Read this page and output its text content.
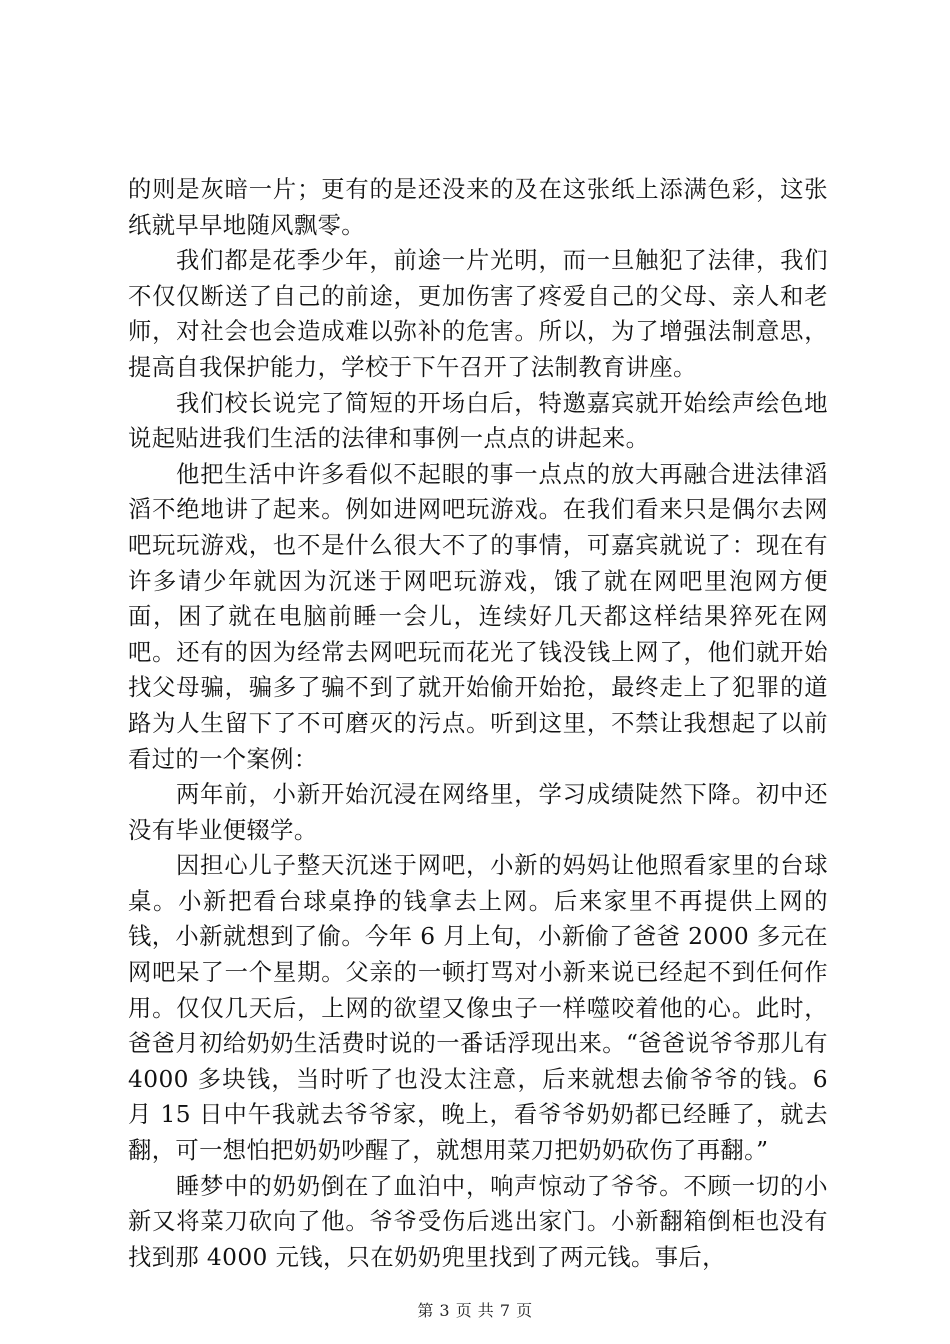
的则是灰暗一片；更有的是还没来的及在这张纸上添满色彩，这张纸就早早地随风飘零。

我们都是花季少年，前途一片光明，而一旦触犯了法律，我们不仅仅断送了自己的前途，更加伤害了疼爱自己的父母、亲人和老师，对社会也会造成难以弥补的危害。所以，为了增强法制意思，提高自我保护能力，学校于下午召开了法制教育讲座。

我们校长说完了简短的开场白后，特邀嘉宾就开始绘声绘色地说起贴进我们生活的法律和事例一点点的讲起来。

他把生活中许多看似不起眼的事一点点的放大再融合进法律滔滔不绝地讲了起来。例如进网吧玩游戏。在我们看来只是偶尔去网吧玩玩游戏，也不是什么很大不了的事情，可嘉宾就说了：现在有许多请少年就因为沉迷于网吧玩游戏，饿了就在网吧里泡网方便面，困了就在电脑前睡一会儿，连续好几天都这样结果猝死在网吧。还有的因为经常去网吧玩而花光了钱没钱上网了，他们就开始找父母骗，骗多了骗不到了就开始偷开始抢，最终走上了犯罪的道路为人生留下了不可磨灭的污点。听到这里，不禁让我想起了以前看过的一个案例：

两年前，小新开始沉浸在网络里，学习成绩陡然下降。初中还没有毕业便辍学。

因担心儿子整天沉迷于网吧，小新的妈妈让他照看家里的台球桌。小新把看台球桌挣的钱拿去上网。后来家里不再提供上网的钱，小新就想到了偷。今年 6 月上旬，小新偷了爸爸 2000 多元在网吧呆了一个星期。父亲的一顿打骂对小新来说已经起不到任何作用。仅仅几天后，上网的欲望又像虫子一样噬咬着他的心。此时，爸爸月初给奶奶生活费时说的一番话浮现出来。“爸爸说爷爷那儿有 4000 多块钱，当时听了也没太注意，后来就想去偷爷爷的钱。6 月 15 日中午我就去爷爷家，晚上，看爷爷奶奶都已经睡了，就去翻，可一想怕把奶奶吵醒了，就想用菜刀把奶奶砍伤了再翻。”

睡梦中的奶奶倒在了血泊中，响声惊动了爷爷。不顾一切的小新又将菜刀砍向了他。爷爷受伤后逃出家门。小新翻箱倒柜也没有找到那 4000 元钱，只在奶奶兜里找到了两元钱。事后，

第 3 页 共 7 页
